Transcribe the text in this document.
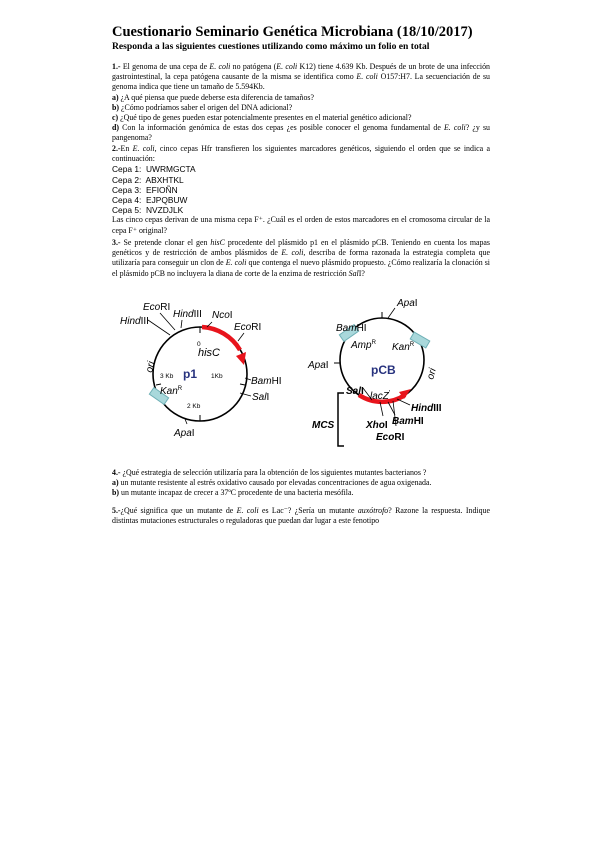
Cuestionario Seminario Genética Microbiana (18/10/2017)
Responda a las siguientes cuestiones utilizando como máximo un folio en total

1.- El genoma de una cepa de E. coli no patógena (E. coli K12) tiene 4.639 Kb. Después de un brote de una infección gastrointestinal, la cepa patógena causante de la misma se identifica como E. coli O157:H7. La secuenciación de su genoma indica que tiene un tamaño de 5.594Kb.

a) ¿A qué piensa que puede deberse esta diferencia de tamaños?

b) ¿Cómo podríamos saber el origen del DNA adicional?

c) ¿Qué tipo de genes pueden estar potencialmente presentes en el material genético adicional?

d) Con la información genómica de estas dos cepas ¿es posible conocer el genoma fundamental de E. coli? ¿y su pangenoma?

2.-En E. coli, cinco cepas Hfr transfieren los siguientes marcadores genéticos, siguiendo el orden que se indica a continuación:

Cepa 1: UWRMGCTA

Cepa 2: ABXHTKL

Cepa 3: EFIOÑN

Cepa 4: EJPQBUW

Cepa 5: NVZDJLK

Las cinco cepas derivan de una misma cepa F⁺. ¿Cuál es el orden de estos marcadores en el cromosoma circular de la cepa F⁺ original?

3.- Se pretende clonar el gen hisC procedente del plásmido p1 en el plásmido pCB. Teniendo en cuenta los mapas genéticos y de restricción de ambos plásmidos de E. coli, describa de forma razonada la estrategia completa que utilizaría para conseguir un clon de E. coli que contenga el nuevo plásmido propuesto. ¿Cómo realizaría la clonación si el plásmido pCB no incluyera la diana de corte de la enzima de restricción SalI?

EcoRI
HindIII
HindIII NcoI
EcoRI
BamHI
SalI
ApaI
0
1Kb
2 Kb
3 Kb
hisC
p1
ori
Kan$^R$
ApaI
BamHI
ApaI
Amp$^R$ Kan$^R$
pCB	ori
lacZ'
MCS
SalI
XhoI BamHI
EcoRI
HindIII

4.- ¿Qué estrategia de selección utilizaría para la obtención de los siguientes mutantes bacterianos ?

a) un mutante resistente al estrés oxidativo causado por elevadas concentraciones de agua oxigenada.

b) un mutante incapaz de crecer a 37ºC procedente de una bacteria mesófila.

5.-¿Qué significa que un mutante de E. coli es Lac⁻? ¿Sería un mutante auxótrofo? Razone la respuesta. Indique distintas mutaciones estructurales o reguladoras que puedan dar lugar a este fenotipo
